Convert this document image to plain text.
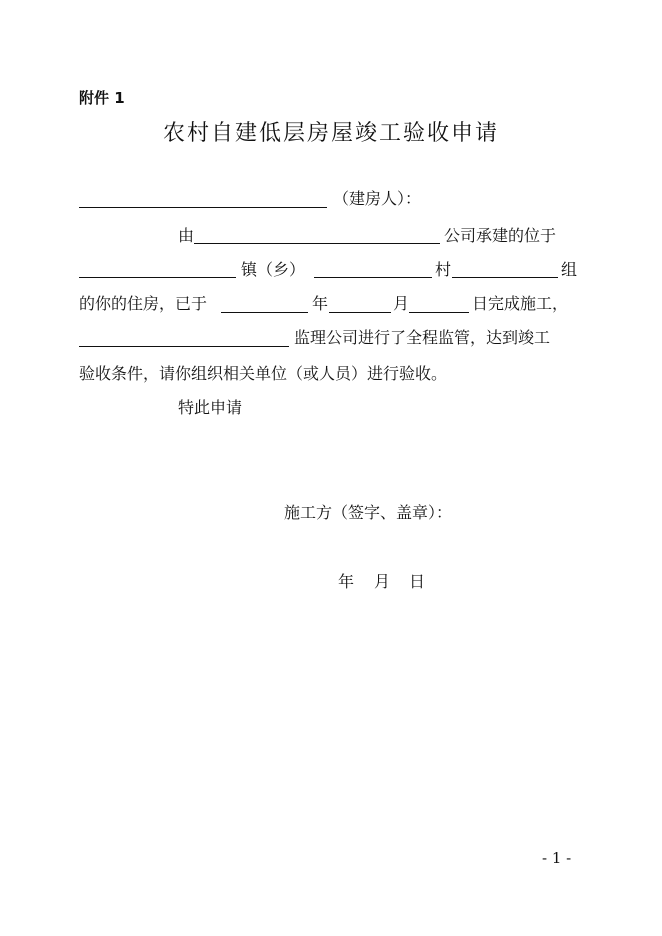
附件 1
农村自建低层房屋竣工验收申请
（建房人）：
由	公司承建的位于
镇（乡）	村	组
的你的住房，已于	年	月	日完成施工，
监理公司进行了全程监管，达到竣工
验收条件，请你组织相关单位（或人员）进行验收。
特此申请
施工方（签字、盖章）：
年 月 日
- 1 -
